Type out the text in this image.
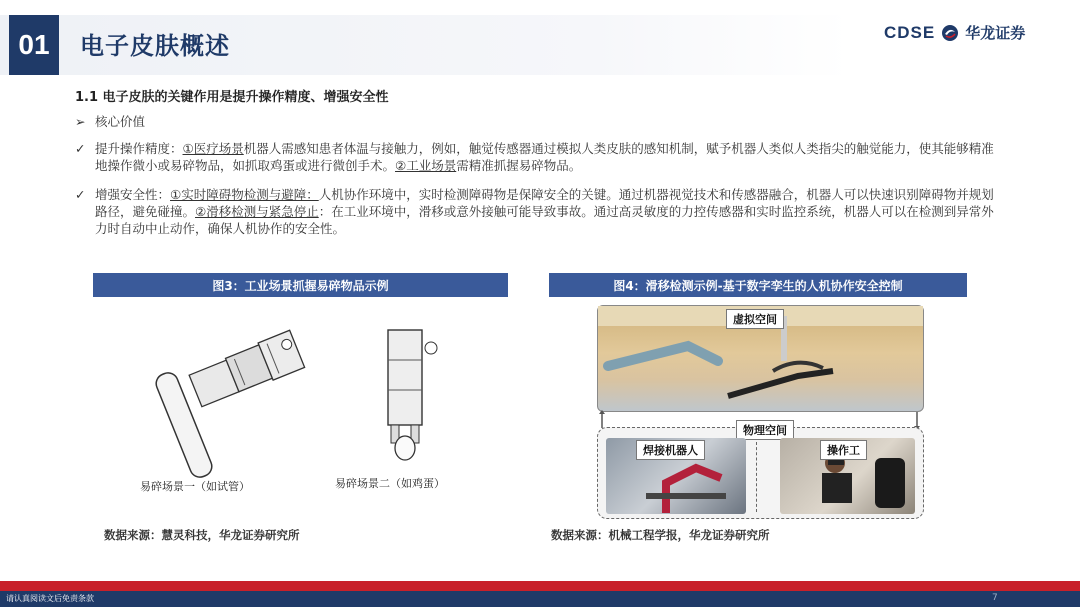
01	电子皮肤概述	CDSE 华龙证券
1.1 电子皮肤的关键作用是提升操作精度、增强安全性
➢ 核心价值
✓ 提升操作精度：①医疗场景机器人需感知患者体温与接触力，例如，触觉传感器通过模拟人类皮肤的感知机制，赋予机器人类似人类指尖的触觉能力，使其能够精准地操作微小或易碎物品，如抓取鸡蛋或进行微创手术。②工业场景需精准抓握易碎物品。
✓ 增强安全性：①实时障碍物检测与避障：人机协作环境中，实时检测障碍物是保障安全的关键。通过机器视觉技术和传感器融合，机器人可以快速识别障碍物并规划路径，避免碰撞。②滑移检测与紧急停止：在工业环境中，滑移或意外接触可能导致事故。通过高灵敏度的力控传感器和实时监控系统，机器人可以在检测到异常外力时自动中止动作，确保人机协作的安全性。
图3：工业场景抓握易碎物品示例
易碎场景一（如试管）	易碎场景二（如鸡蛋）
数据来源：慧灵科技，华龙证券研究所
图4：滑移检测示例-基于数字孪生的人机协作安全控制
虚拟空间
物理空间
焊接机器人	操作工
数据来源：机械工程学报，华龙证券研究所
请认真阅读文后免责条款	7
